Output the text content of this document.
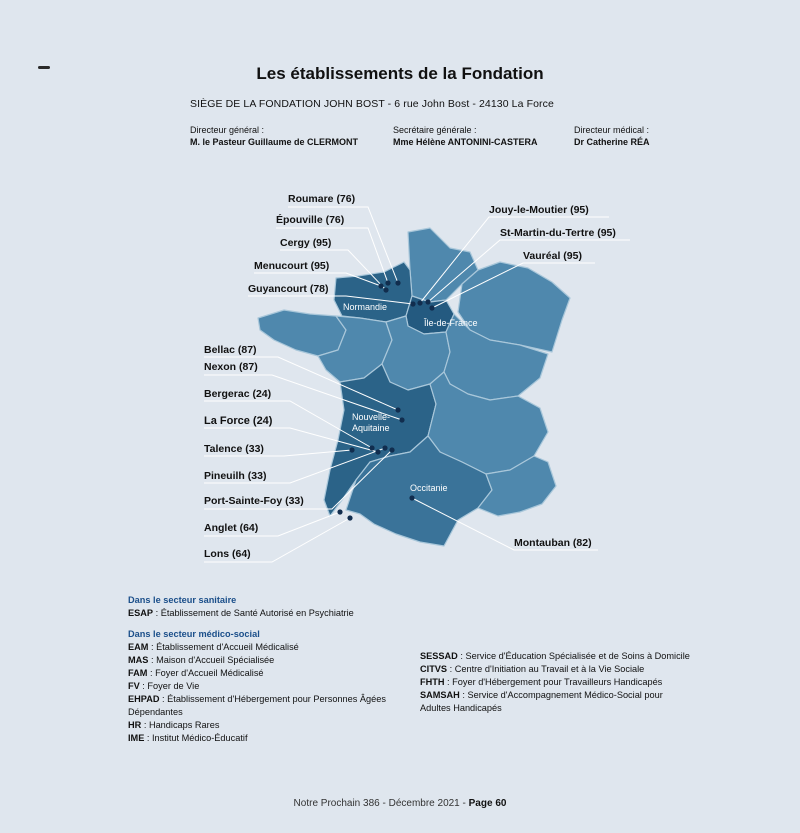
Les établissements de la Fondation
SIÈGE DE LA FONDATION JOHN BOST - 6 rue John Bost - 24130 La Force
Directeur général :
M. le Pasteur Guillaume de CLERMONT
Secrétaire générale :
Mme Hélène ANTONINI-CASTERA
Directeur médical :
Dr Catherine RÉA
Roumare (76)
Épouville (76)
Cergy (95)
Menucourt (95)
Guyancourt (78)
Jouy-le-Moutier (95)
St-Martin-du-Tertre (95)
Vauréal (95)
Bellac (87)
Nexon (87)
Bergerac (24)
La Force (24)
Talence (33)
Pineuilh (33)
Port-Sainte-Foy (33)
Anglet (64)
Lons (64)
Montauban (82)
Normandie
Île-de-France
Nouvelle-
Aquitaine
Occitanie
Dans le secteur sanitaire
ESAP : Établissement de Santé Autorisé en Psychiatrie
Dans le secteur médico-social
EAM : Établissement d'Accueil Médicalisé
MAS : Maison d'Accueil Spécialisée
FAM : Foyer d'Accueil Médicalisé
FV : Foyer de Vie
EHPAD : Établissement d'Hébergement pour Personnes Âgées Dépendantes
HR : Handicaps Rares
IME : Institut Médico-Éducatif
SESSAD : Service d'Éducation Spécialisée et de Soins à Domicile
CITVS : Centre d'Initiation au Travail et à la Vie Sociale
FHTH : Foyer d'Hébergement pour Travailleurs Handicapés
SAMSAH : Service d'Accompagnement Médico-Social pour Adultes Handicapés
Notre Prochain 386 - Décembre 2021 - Page 60
